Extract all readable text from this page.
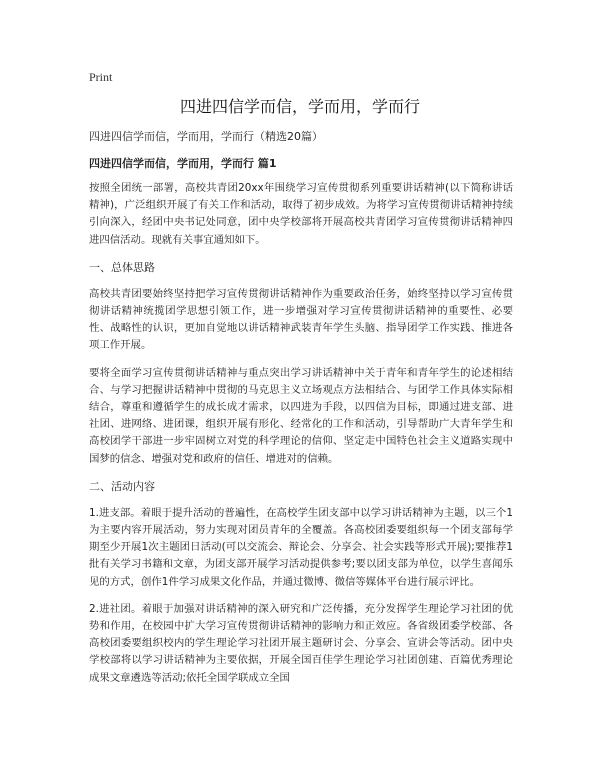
Print
四进四信学而信，学而用，学而行

四进四信学而信，学而用，学而行（精选20篇）

四进四信学而信，学而用，学而行 篇1

按照全团统一部署，高校共青团20xx年围绕学习宣传贯彻系列重要讲话精神(以下简称讲话精神)，广泛组织开展了有关工作和活动，取得了初步成效。为将学习宣传贯彻讲话精神持续引向深入，经团中央书记处同意，团中央学校部将开展高校共青团学习宣传贯彻讲话精神四进四信活动。现就有关事宜通知如下。

一、总体思路

高校共青团要始终坚持把学习宣传贯彻讲话精神作为重要政治任务，始终坚持以学习宣传贯彻讲话精神统揽团学思想引领工作，进一步增强对学习宣传贯彻讲话精神的重要性、必要性、战略性的认识，更加自觉地以讲话精神武装青年学生头脑、指导团学工作实践、推进各项工作开展。

要将全面学习宣传贯彻讲话精神与重点突出学习讲话精神中关于青年和青年学生的论述相结合、与学习把握讲话精神中贯彻的马克思主义立场观点方法相结合、与团学工作具体实际相结合，尊重和遵循学生的成长成才需求，以四进为手段，以四信为目标，即通过进支部、进社团、进网络、进团课，组织开展有形化、经常化的工作和活动，引导帮助广大青年学生和高校团学干部进一步牢固树立对党的科学理论的信仰、坚定走中国特色社会主义道路实现中国梦的信念、增强对党和政府的信任、增进对的信赖。

二、活动内容

1.进支部。着眼于提升活动的普遍性，在高校学生团支部中以学习讲话精神为主题，以三个1为主要内容开展活动，努力实现对团员青年的全覆盖。各高校团委要组织每一个团支部每学期至少开展1次主题团日活动(可以交流会、辩论会、分享会、社会实践等形式开展);要推荐1批有关学习书籍和文章，为团支部开展学习活动提供参考;要以团支部为单位，以学生喜闻乐见的方式，创作1件学习成果文化作品，并通过微博、微信等媒体平台进行展示评比。

2.进社团。着眼于加强对讲话精神的深入研究和广泛传播，充分发挥学生理论学习社团的优势和作用，在校园中扩大学习宣传贯彻讲话精神的影响力和正效应。各省级团委学校部、各高校团委要组织校内的学生理论学习社团开展主题研讨会、分享会、宣讲会等活动。团中央学校部将以学习讲话精神为主要依据，开展全国百佳学生理论学习社团创建、百篇优秀理论成果文章遴选等活动;依托全国学联成立全国
